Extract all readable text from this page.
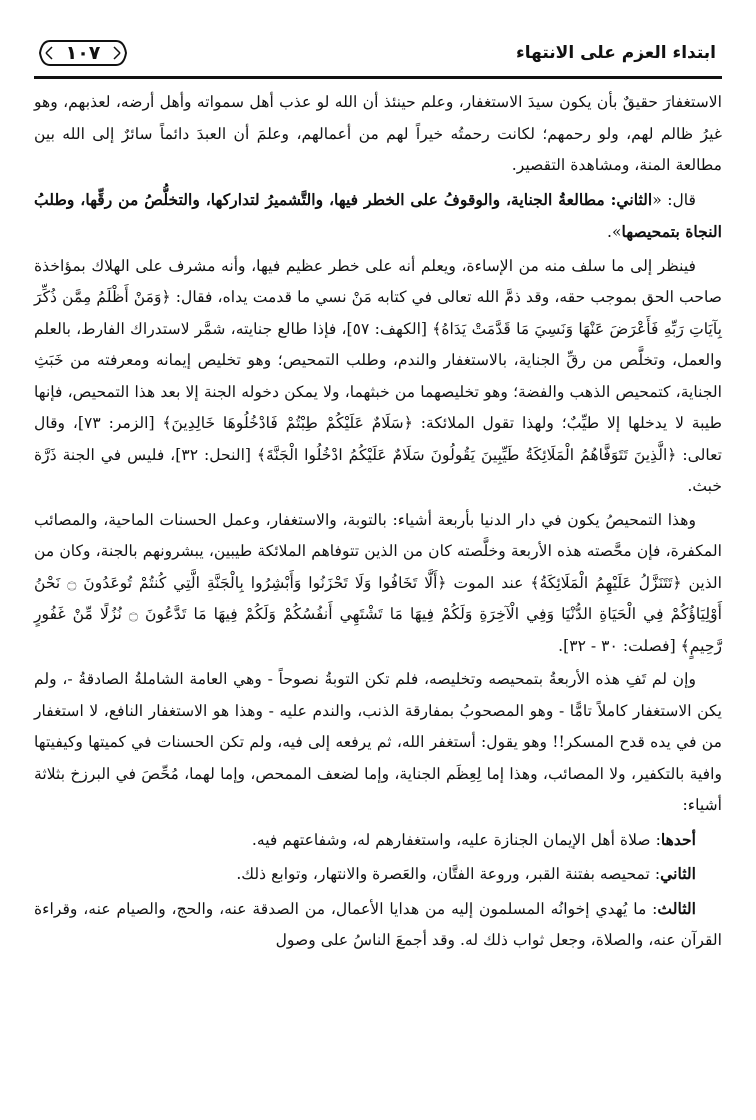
ابتداء العزم على الانتهاء
١٠٧

الاستغفارَ حقيقٌ بأن يكون سيدَ الاستغفار، وعلم حينئذ أن الله لو عذب أهل سمواته وأهل أرضه، لعذبهم، وهو غيرُ ظالم لهم، ولو رحمهم؛ لكانت رحمتُه خيراً لهم من أعمالهم، وعلمَ أن العبدَ دائماً سائرٌ إلى الله بين مطالعة المنة، ومشاهدة التقصير.

قال: «الثاني: مطالعةُ الجناية، والوقوفُ على الخطر فيها، والتَّشميرُ لتداركها، والتخلُّصُ من رقِّها، وطلبُ النجاة بتمحيصها».

فينظر إلى ما سلف منه من الإساءة، ويعلم أنه على خطر عظيم فيها، وأنه مشرف على الهلاك بمؤاخذة صاحب الحق بموجب حقه، وقد ذمَّ الله تعالى في كتابه مَنْ نسي ما قدمت يداه، فقال: ﴿وَمَنْ أَظْلَمُ مِمَّن ذُكِّرَ بِآيَاتِ رَبِّهِ فَأَعْرَضَ عَنْهَا وَنَسِيَ مَا قَدَّمَتْ يَدَاهُ﴾ [الكهف: ٥٧]، فإذا طالع جنايته، شمَّر لاستدراك الفارط، بالعلم والعمل، وتخلَّص من رقِّ الجناية، بالاستغفار والندم، وطلب التمحيص؛ وهو تخليص إيمانه ومعرفته من خَبَثِ الجناية، كتمحيص الذهب والفضة؛ وهو تخليصهما من خبثهما، ولا يمكن دخوله الجنة إلا بعد هذا التمحيص، فإنها طيبة لا يدخلها إلا طيِّبٌ؛ ولهذا تقول الملائكة: ﴿سَلَامٌ عَلَيْكُمْ طِبْتُمْ فَادْخُلُوهَا خَالِدِينَ﴾ [الزمر: ٧٣]، وقال تعالى: ﴿الَّذِينَ تَتَوَفَّاهُمُ الْمَلَائِكَةُ طَيِّبِينَ يَقُولُونَ سَلَامٌ عَلَيْكُمُ ادْخُلُوا الْجَنَّةَ﴾ [النحل: ٣٢]، فليس في الجنة ذَرَّة خبث.

وهذا التمحيصُ يكون في دار الدنيا بأربعة أشياء: بالتوبة، والاستغفار، وعمل الحسنات الماحية، والمصائب المكفرة، فإن محَّصته هذه الأربعة وخلَّصته كان من الذين تتوفاهم الملائكة طيبين، يبشرونهم بالجنة، وكان من الذين ﴿تَتَنَزَّلُ عَلَيْهِمُ الْمَلَائِكَةُ﴾ عند الموت ﴿أَلَّا تَخَافُوا وَلَا تَحْزَنُوا وَأَبْشِرُوا بِالْجَنَّةِ الَّتِي كُنتُمْ تُوعَدُونَ ۝ نَحْنُ أَوْلِيَاؤُكُمْ فِي الْحَيَاةِ الدُّنْيَا وَفِي الْآخِرَةِ وَلَكُمْ فِيهَا مَا تَشْتَهِي أَنفُسُكُمْ وَلَكُمْ فِيهَا مَا تَدَّعُونَ ۝ نُزُلًا مِّنْ غَفُورٍ رَّحِيمٍ﴾ [فصلت: ٣٠ - ٣٢].

وإن لم تَفِ هذه الأربعةُ بتمحيصه وتخليصه، فلم تكن التوبةُ نصوحاً - وهي العامة الشاملةُ الصادقةُ -، ولم يكن الاستغفار كاملاً تامًّا - وهو المصحوبُ بمفارقة الذنب، والندم عليه - وهذا هو الاستغفار النافع، لا استغفار من في يده قدح المسكر!! وهو يقول: أستغفر الله، ثم يرفعه إلى فيه، ولم تكن الحسنات في كميتها وكيفيتها وافية بالتكفير، ولا المصائب، وهذا إما لِعِظَم الجناية، وإما لضعف الممحص، وإما لهما، مُحِّصَ في البرزخ بثلاثة أشياء:

أحدها: صلاة أهل الإيمان الجنازة عليه، واستغفارهم له، وشفاعتهم فيه.

الثاني: تمحيصه بفتنة القبر، وروعة الفتَّان، والعَصرة والانتهار، وتوابع ذلك.

الثالث: ما يُهدي إخوانُه المسلمون إليه من هدايا الأعمال، من الصدقة عنه، والحج، والصيام عنه، وقراءة القرآن عنه، والصلاة، وجعل ثواب ذلك له. وقد أجمعَ الناسُ على وصول
